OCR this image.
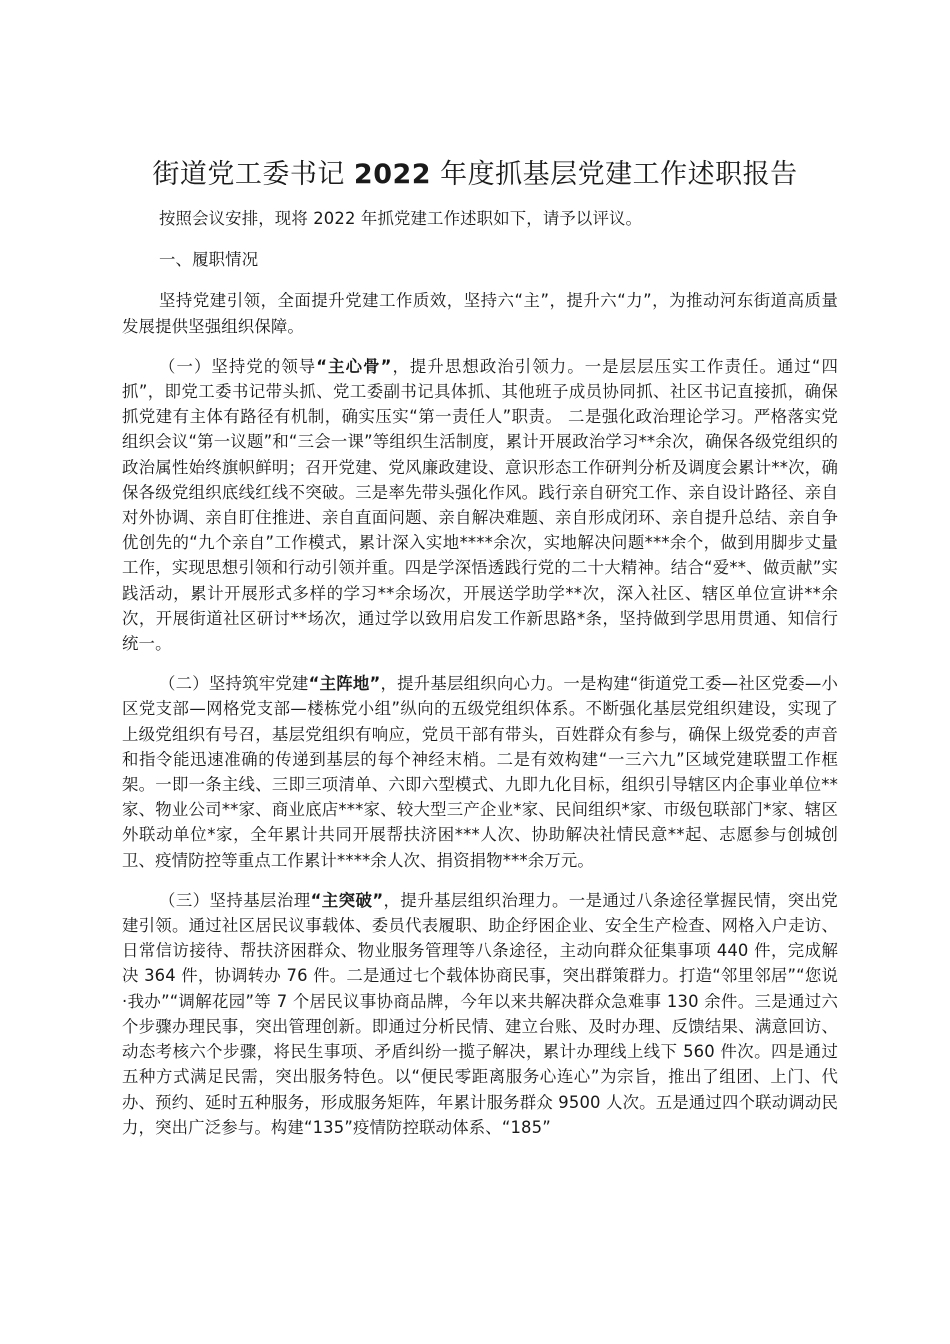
街道党工委书记 2022 年度抓基层党建工作述职报告

按照会议安排，现将 2022 年抓党建工作述职如下，请予以评议。

一、履职情况

坚持党建引领，全面提升党建工作质效，坚持六“主”，提升六“力”，为推动河东街道高质量发展提供坚强组织保障。

（一）坚持党的领导“主心骨”，提升思想政治引领力。一是层层压实工作责任。通过“四抓”，即党工委书记带头抓、党工委副书记具体抓、其他班子成员协同抓、社区书记直接抓，确保抓党建有主体有路径有机制，确实压实“第一责任人”职责。 二是强化政治理论学习。严格落实党组织会议“第一议题”和“三会一课”等组织生活制度，累计开展政治学习**余次，确保各级党组织的政治属性始终旗帜鲜明；召开党建、党风廉政建设、意识形态工作研判分析及调度会累计**次，确保各级党组织底线红线不突破。三是率先带头强化作风。践行亲自研究工作、亲自设计路径、亲自对外协调、亲自盯住推进、亲自直面问题、亲自解决难题、亲自形成闭环、亲自提升总结、亲自争优创先的“九个亲自”工作模式，累计深入实地****余次，实地解决问题***余个，做到用脚步丈量工作，实现思想引领和行动引领并重。四是学深悟透践行党的二十大精神。结合“爱**、做贡献”实践活动，累计开展形式多样的学习**余场次，开展送学助学**次，深入社区、辖区单位宣讲**余次，开展街道社区研讨**场次，通过学以致用启发工作新思路*条，坚持做到学思用贯通、知信行统一。

（二）坚持筑牢党建“主阵地”，提升基层组织向心力。一是构建“街道党工委—社区党委—小区党支部—网格党支部—楼栋党小组”纵向的五级党组织体系。不断强化基层党组织建设，实现了上级党组织有号召，基层党组织有响应，党员干部有带头，百姓群众有参与，确保上级党委的声音和指令能迅速准确的传递到基层的每个神经末梢。二是有效构建“一三六九”区域党建联盟工作框架。一即一条主线、三即三项清单、六即六型模式、九即九化目标，组织引导辖区内企事业单位**家、物业公司**家、商业底店***家、较大型三产企业*家、民间组织*家、市级包联部门*家、辖区外联动单位*家，全年累计共同开展帮扶济困***人次、协助解决社情民意**起、志愿参与创城创卫、疫情防控等重点工作累计****余人次、捐资捐物***余万元。

（三）坚持基层治理“主突破”，提升基层组织治理力。一是通过八条途径掌握民情，突出党建引领。通过社区居民议事载体、委员代表履职、助企纾困企业、安全生产检查、网格入户走访、日常信访接待、帮扶济困群众、物业服务管理等八条途径，主动向群众征集事项 440 件，完成解决 364 件，协调转办 76 件。二是通过七个载体协商民事，突出群策群力。打造“邻里邻居”“您说·我办”“调解花园”等 7 个居民议事协商品牌，今年以来共解决群众急难事 130 余件。三是通过六个步骤办理民事，突出管理创新。即通过分析民情、建立台账、及时办理、反馈结果、满意回访、动态考核六个步骤，将民生事项、矛盾纠纷一揽子解决，累计办理线上线下 560 件次。四是通过五种方式满足民需，突出服务特色。以“便民零距离服务心连心”为宗旨，推出了组团、上门、代办、预约、延时五种服务，形成服务矩阵，年累计服务群众 9500 人次。五是通过四个联动调动民力，突出广泛参与。构建“135”疫情防控联动体系、“185”
